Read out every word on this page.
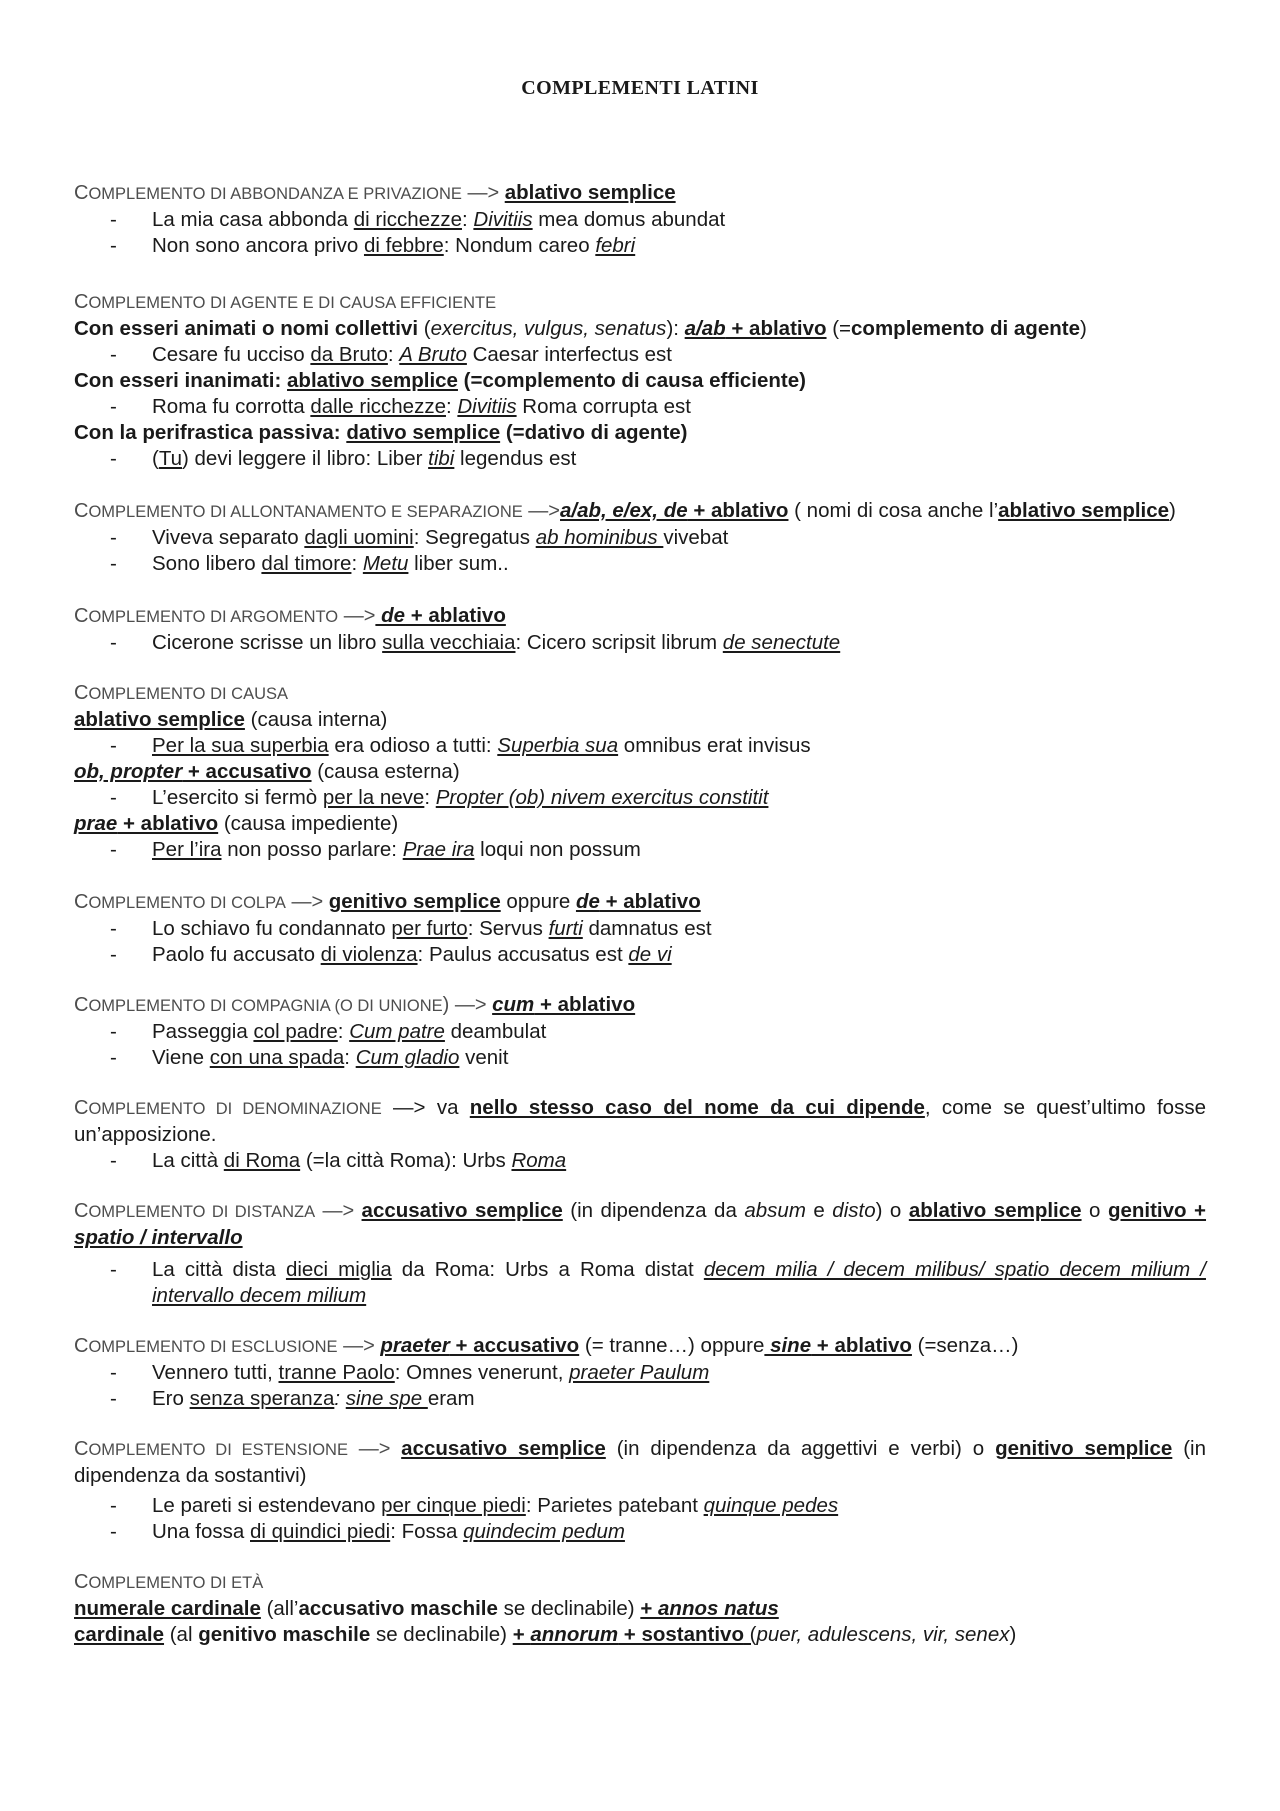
COMPLEMENTI LATINI

COMPLEMENTO DI ABBONDANZA E PRIVAZIONE —> ablativo semplice

- La mia casa abbonda di ricchezze: Divitiis mea domus abundat

- Non sono ancora privo di febbre: Nondum careo febri

COMPLEMENTO DI AGENTE E DI CAUSA EFFICIENTE

Con esseri animati o nomi collettivi (exercitus, vulgus, senatus): a/ab + ablativo (=complemento di agente)

- Cesare fu ucciso da Bruto: A Bruto Caesar interfectus est

Con esseri inanimati: ablativo semplice (=complemento di causa efficiente)

- Roma fu corrotta dalle ricchezze: Divitiis Roma corrupta est

Con la perifrastica passiva: dativo semplice (=dativo di agente)

- (Tu) devi leggere il libro: Liber tibi legendus est

COMPLEMENTO DI ALLONTANAMENTO E SEPARAZIONE —>a/ab, e/ex, de + ablativo ( nomi di cosa anche l’ablativo semplice)

- Viveva separato dagli uomini: Segregatus ab hominibus vivebat

- Sono libero dal timore: Metu liber sum..

COMPLEMENTO DI ARGOMENTO —> de + ablativo

- Cicerone scrisse un libro sulla vecchiaia: Cicero scripsit librum de senectute

COMPLEMENTO DI CAUSA

ablativo semplice (causa interna)

- Per la sua superbia era odioso a tutti: Superbia sua omnibus erat invisus

ob, propter + accusativo (causa esterna)

- L’esercito si fermò per la neve: Propter (ob) nivem exercitus constitit

prae + ablativo (causa impediente)

- Per l’ira non posso parlare: Prae ira loqui non possum

COMPLEMENTO DI COLPA —> genitivo semplice oppure de + ablativo

- Lo schiavo fu condannato per furto: Servus furti damnatus est

- Paolo fu accusato di violenza: Paulus accusatus est de vi

COMPLEMENTO DI COMPAGNIA (O DI UNIONE) —> cum + ablativo

- Passeggia col padre: Cum patre deambulat

- Viene con una spada: Cum gladio venit

COMPLEMENTO DI DENOMINAZIONE —> va nello stesso caso del nome da cui dipende, come se quest’ultimo fosse

un’apposizione.

- La città di Roma (=la città Roma): Urbs Roma

COMPLEMENTO DI DISTANZA —> accusativo semplice (in dipendenza da absum e disto) o ablativo semplice o genitivo +

spatio / intervallo

- La città dista dieci miglia da Roma: Urbs a Roma distat decem milia / decem milibus/ spatio decem milium /

intervallo decem milium

COMPLEMENTO DI ESCLUSIONE —> praeter + accusativo (= tranne…) oppure sine + ablativo (=senza…)

- Vennero tutti, tranne Paolo: Omnes venerunt, praeter Paulum

- Ero senza speranza: sine spe eram

COMPLEMENTO DI ESTENSIONE —> accusativo semplice (in dipendenza da aggettivi e verbi) o genitivo semplice (in

dipendenza da sostantivi)

- Le pareti si estendevano per cinque piedi: Parietes patebant quinque pedes

- Una fossa di quindici piedi: Fossa quindecim pedum

COMPLEMENTO DI ETÀ

numerale cardinale (all’accusativo maschile se declinabile) + annos natus

cardinale (al genitivo maschile se declinabile) + annorum + sostantivo (puer, adulescens, vir, senex)
